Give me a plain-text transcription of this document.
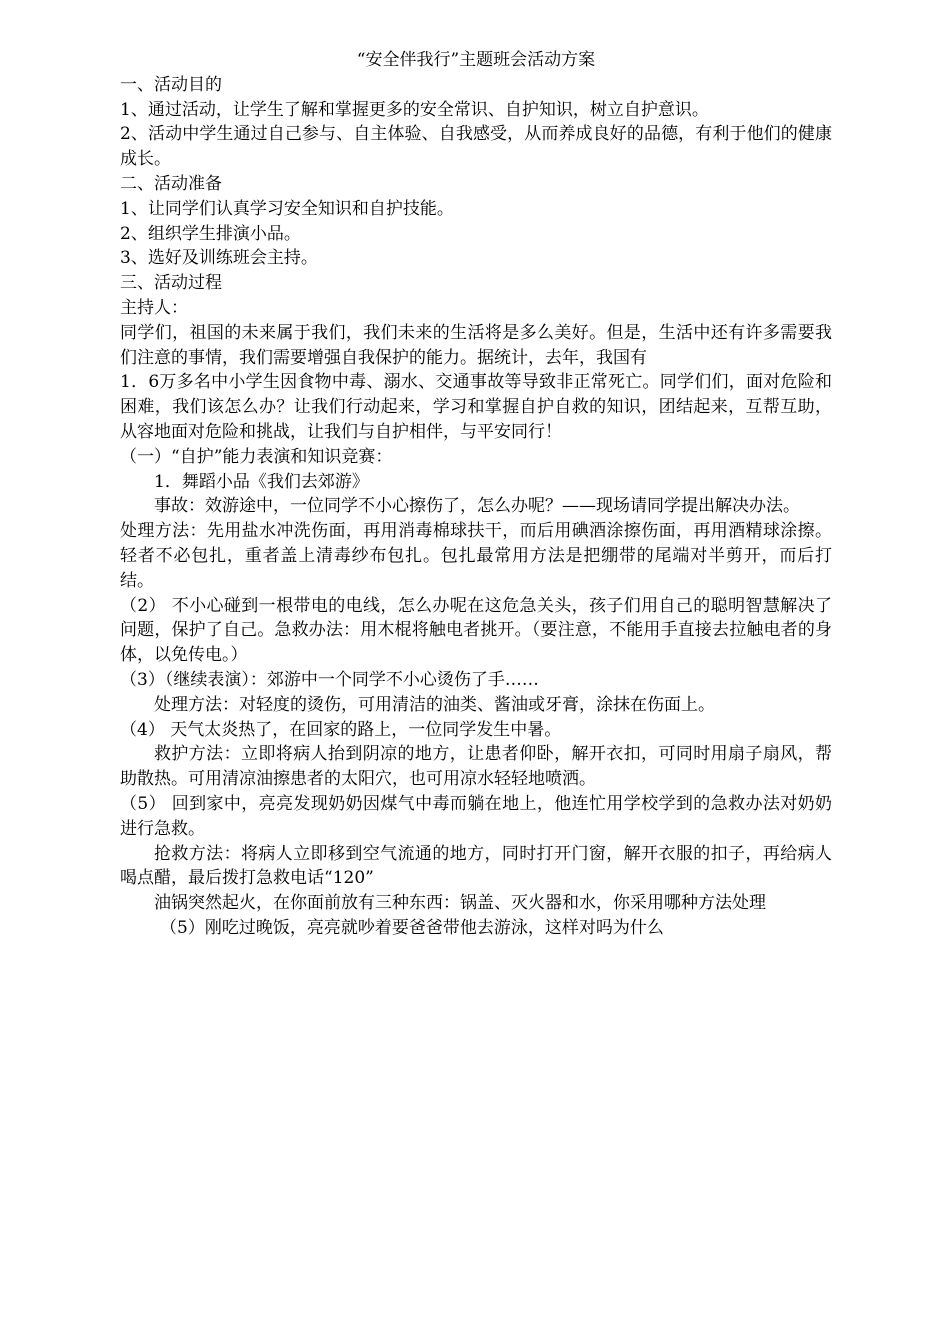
“安全伴我行”主题班会活动方案

一、活动目的

1、通过活动，让学生了解和掌握更多的安全常识、自护知识，树立自护意识。

2、活动中学生通过自己参与、自主体验、自我感受，从而养成良好的品德，有利于他们的健康成长。

二、活动准备

1、让同学们认真学习安全知识和自护技能。

2、组织学生排演小品。

3、选好及训练班会主持。

三、活动过程

主持人：

同学们，祖国的未来属于我们，我们未来的生活将是多么美好。但是，生活中还有许多需要我们注意的事情，我们需要增强自我保护的能力。据统计，去年，我国有

1．6万多名中小学生因食物中毒、溺水、交通事故等导致非正常死亡。同学们们，面对危险和困难，我们该怎么办？让我们行动起来，学习和掌握自护自救的知识，团结起来，互帮互助，从容地面对危险和挑战，让我们与自护相伴，与平安同行！

（一）“自护”能力表演和知识竞赛：

1．舞蹈小品《我们去郊游》

事故：效游途中，一位同学不小心擦伤了，怎么办呢？——现场请同学提出解决办法。

处理方法：先用盐水冲洗伤面，再用消毒棉球扶干，而后用碘酒涂擦伤面，再用酒精球涂擦。轻者不必包扎，重者盖上清毒纱布包扎。包扎最常用方法是把绷带的尾端对半剪开，而后打结。

（2） 不小心碰到一根带电的电线，怎么办呢在这危急关头，孩子们用自己的聪明智慧解决了问题，保护了自己。急救办法：用木棍将触电者挑开。（要注意，不能用手直接去拉触电者的身体，以免传电。）

（3）（继续表演）：郊游中一个同学不小心烫伤了手……

处理方法：对轻度的烫伤，可用清洁的油类、酱油或牙膏，涂抹在伤面上。

（4） 天气太炎热了，在回家的路上，一位同学发生中暑。

救护方法：立即将病人抬到阴凉的地方，让患者仰卧，解开衣扣，可同时用扇子扇风，帮助散热。可用清凉油擦患者的太阳穴，也可用凉水轻轻地喷洒。

（5） 回到家中，亮亮发现奶奶因煤气中毒而躺在地上，他连忙用学校学到的急救办法对奶奶进行急救。

抢救方法：将病人立即移到空气流通的地方，同时打开门窗，解开衣服的扣子，再给病人喝点醋，最后拨打急救电话“120”

油锅突然起火，在你面前放有三种东西：锅盖、灭火器和水，你采用哪种方法处理

（5）刚吃过晚饭，亮亮就吵着要爸爸带他去游泳，这样对吗为什么
